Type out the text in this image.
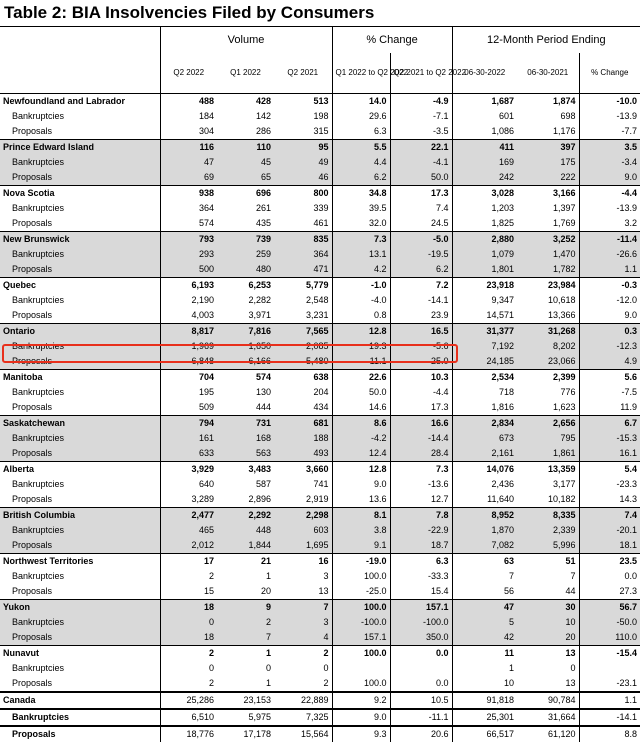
Table 2: BIA Insolvencies Filed by Consumers
	Volume			% Change		12-Month Period Ending		
	Q2 2022	Q1 2022	Q2 2021	Q1 2022 to Q2 2022	Q2 2021 to Q2 2022	06-30-2022	06-30-2021	% Change
Newfoundland and Labrador	488	428	513	14.0	-4.9	1,687	1,874	-10.0
Bankruptcies	184	142	198	29.6	-7.1	601	698	-13.9
Proposals	304	286	315	6.3	-3.5	1,086	1,176	-7.7
Prince Edward Island	116	110	95	5.5	22.1	411	397	3.5
Bankruptcies	47	45	49	4.4	-4.1	169	175	-3.4
Proposals	69	65	46	6.2	50.0	242	222	9.0
Nova Scotia	938	696	800	34.8	17.3	3,028	3,166	-4.4
Bankruptcies	364	261	339	39.5	7.4	1,203	1,397	-13.9
Proposals	574	435	461	32.0	24.5	1,825	1,769	3.2
New Brunswick	793	739	835	7.3	-5.0	2,880	3,252	-11.4
Bankruptcies	293	259	364	13.1	-19.5	1,079	1,470	-26.6
Proposals	500	480	471	4.2	6.2	1,801	1,782	1.1
Quebec	6,193	6,253	5,779	-1.0	7.2	23,918	23,984	-0.3
Bankruptcies	2,190	2,282	2,548	-4.0	-14.1	9,347	10,618	-12.0
Proposals	4,003	3,971	3,231	0.8	23.9	14,571	13,366	9.0
Ontario	8,817	7,816	7,565	12.8	16.5	31,377	31,268	0.3
Bankruptcies	1,969	1,650	2,085	19.3	-5.6	7,192	8,202	-12.3
Proposals	6,848	6,166	5,480	11.1	25.0	24,185	23,066	4.9
Manitoba	704	574	638	22.6	10.3	2,534	2,399	5.6
Bankruptcies	195	130	204	50.0	-4.4	718	776	-7.5
Proposals	509	444	434	14.6	17.3	1,816	1,623	11.9
Saskatchewan	794	731	681	8.6	16.6	2,834	2,656	6.7
Bankruptcies	161	168	188	-4.2	-14.4	673	795	-15.3
Proposals	633	563	493	12.4	28.4	2,161	1,861	16.1
Alberta	3,929	3,483	3,660	12.8	7.3	14,076	13,359	5.4
Bankruptcies	640	587	741	9.0	-13.6	2,436	3,177	-23.3
Proposals	3,289	2,896	2,919	13.6	12.7	11,640	10,182	14.3
British Columbia	2,477	2,292	2,298	8.1	7.8	8,952	8,335	7.4
Bankruptcies	465	448	603	3.8	-22.9	1,870	2,339	-20.1
Proposals	2,012	1,844	1,695	9.1	18.7	7,082	5,996	18.1
Northwest Territories	17	21	16	-19.0	6.3	63	51	23.5
Bankruptcies	2	1	3	100.0	-33.3	7	7	0.0
Proposals	15	20	13	-25.0	15.4	56	44	27.3
Yukon	18	9	7	100.0	157.1	47	30	56.7
Bankruptcies	0	2	3	-100.0	-100.0	5	10	-50.0
Proposals	18	7	4	157.1	350.0	42	20	110.0
Nunavut	2	1	2	100.0	0.0	11	13	-15.4
Bankruptcies	0	0	0			1	0	
Proposals	2	1	2	100.0	0.0	10	13	-23.1
Canada	25,286	23,153	22,889	9.2	10.5	91,818	90,784	1.1
Bankruptcies	6,510	5,975	7,325	9.0	-11.1	25,301	31,664	-14.1
Proposals	18,776	17,178	15,564	9.3	20.6	66,517	61,120	8.8
